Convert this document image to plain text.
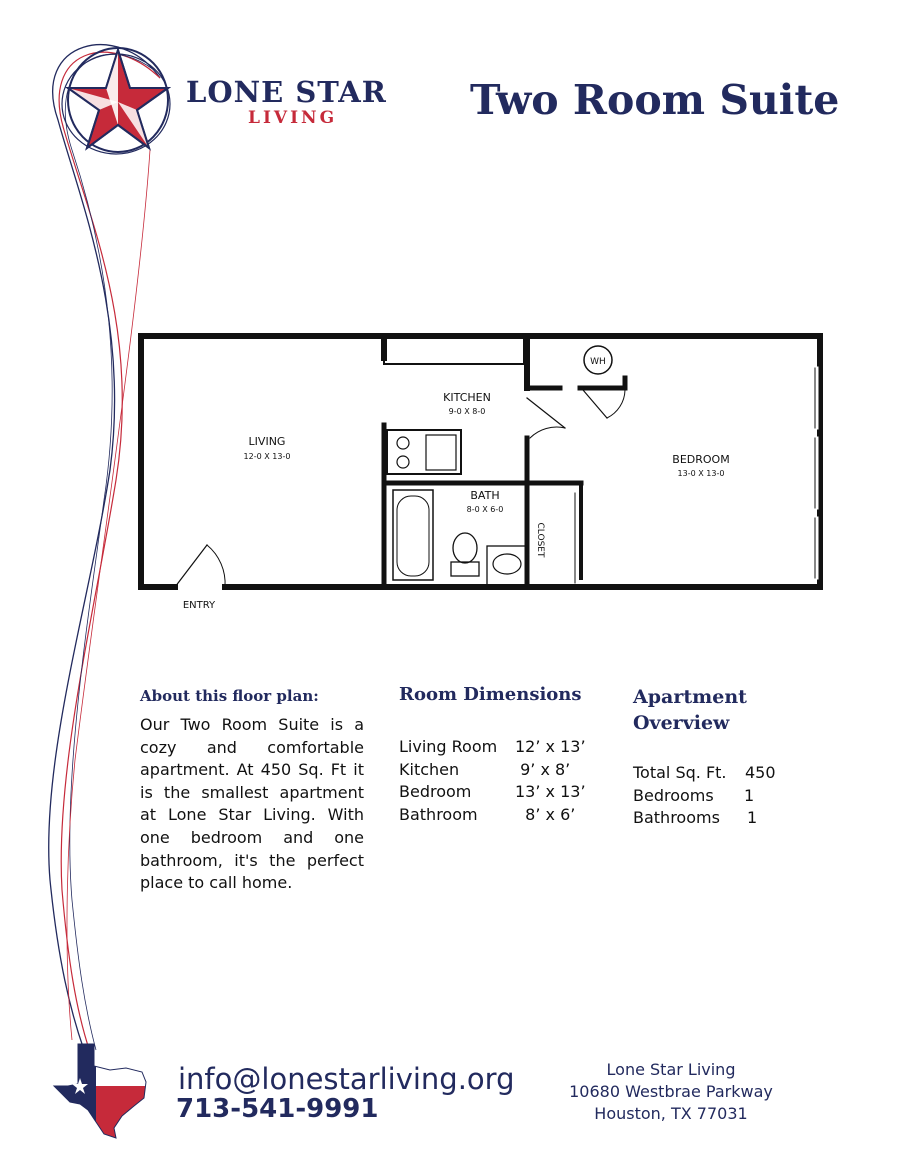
LONE STAR
LIVING	Two Room Suite
LIVING
12-0 X 13-0
KITCHEN
9-0 X 8-0
BATH
8-0 X 6-0
BEDROOM
13-0 X 13-0
WH
ENTRY
CLOSET
About this floor plan:
Our Two Room Suite is a cozy and comfortable apartment. At 450 Sq. Ft it is the smallest apartment at Lone Star Living. With one bedroom and one bathroom, it's the perfect place to call home.
Room Dimensions
Living Room 12’ x 13’
Kitchen	9’ x 8’
Bedroom	13’ x 13’
Bathroom 8’ x 6’
Apartment Overview
Total Sq. Ft. 450
Bedrooms 1
Bathrooms 1
info@lonestarliving.org
713-541-9991
Lone Star Living
10680 Westbrae Parkway
Houston, TX 77031
